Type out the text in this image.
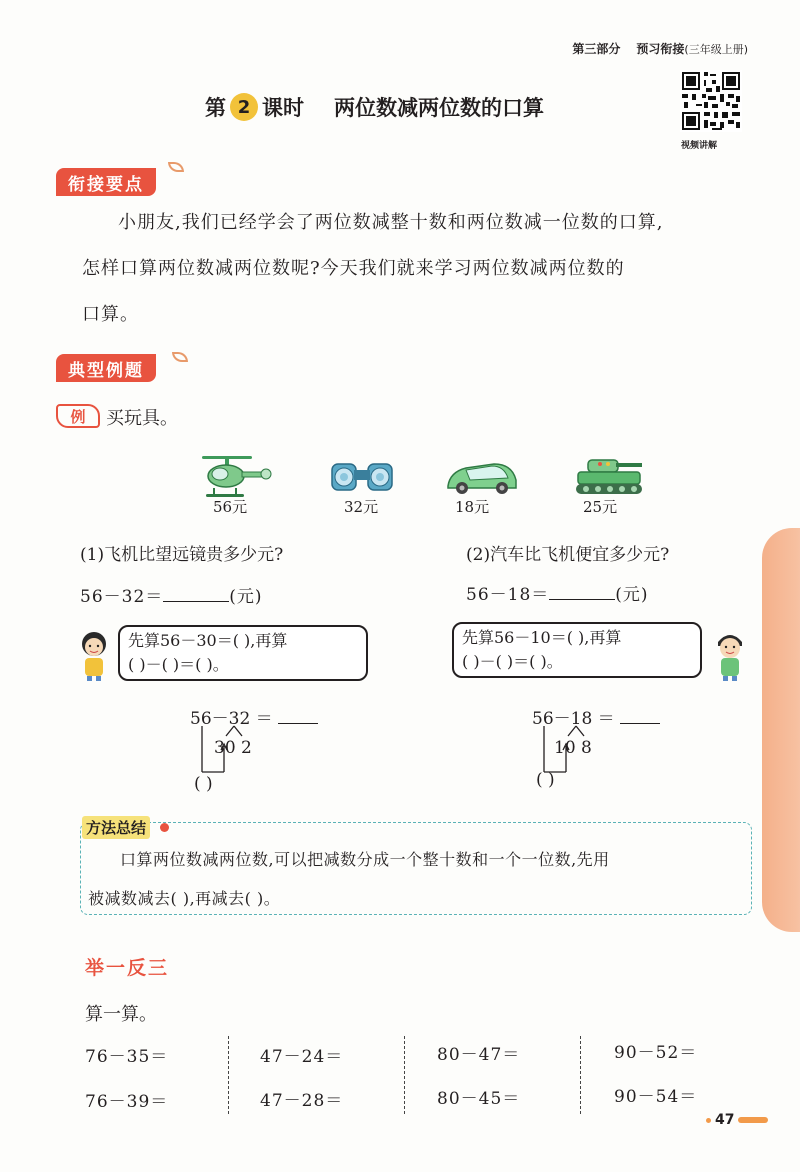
第三部分 预习衔接(三年级上册)
第 2 课时 两位数减两位数的口算
视频讲解
衔接要点
小朋友,我们已经学会了两位数减整十数和两位数减一位数的口算,
怎样口算两位数减两位数呢?今天我们就来学习两位数减两位数的
口算。
典型例题
例	买玩具。
56元	32元	18元	25元
(1)飞机比望远镜贵多少元?
56－32＝	(元)
先算56－30＝( ),再算
( )－( )＝( )。
56－32 ＝
30 2
( )
(2)汽车比飞机便宜多少元?
56－18＝	(元)
先算56－10＝( ),再算
( )－( )＝( )。
56－18 ＝
10 8
( )
方法总结
口算两位数减两位数,可以把减数分成一个整十数和一个一位数,先用
被减数减去( ),再减去( )。
举一反三
算一算。
76－35＝	47－24＝	80－47＝	90－52＝
76－39＝	47－28＝	80－45＝	90－54＝
47
